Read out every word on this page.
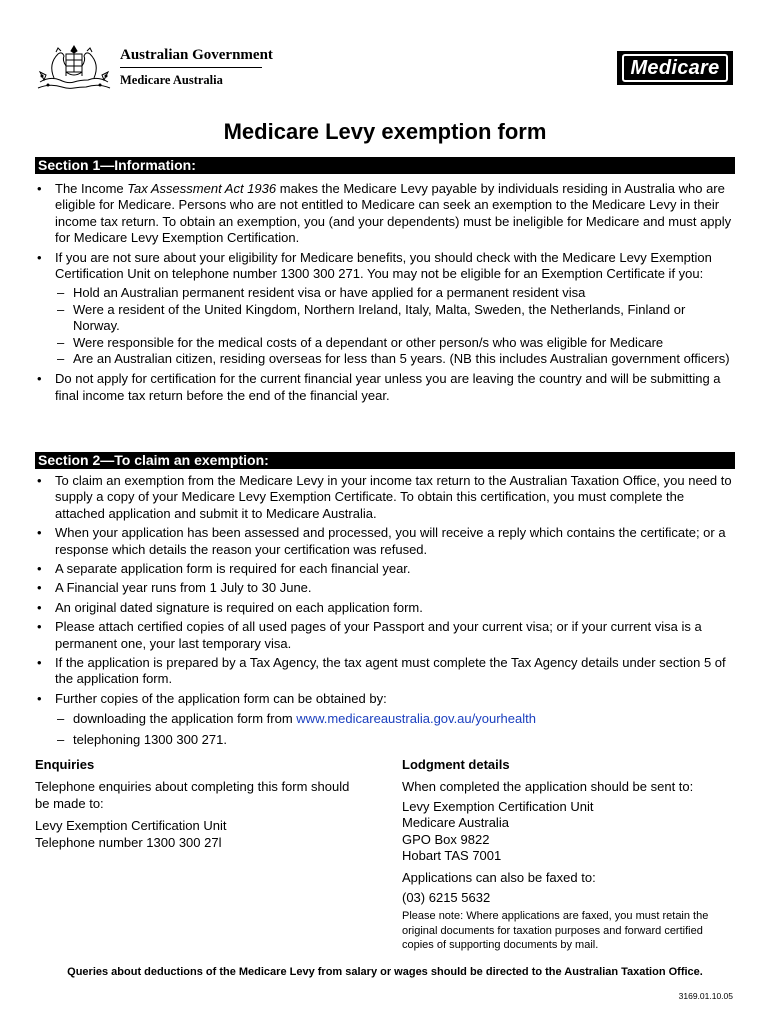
Australian Government
Medicare Australia
Medicare
Medicare Levy exemption form
Section 1—Information:

• The Income Tax Assessment Act 1936 makes the Medicare Levy payable by individuals residing in Australia who are eligible for Medicare. Persons who are not entitled to Medicare can seek an exemption to the Medicare Levy in their income tax return. To obtain an exemption, you (and your dependents) must be ineligible for Medicare and must apply for Medicare Levy Exemption Certification.

• If you are not sure about your eligibility for Medicare benefits, you should check with the Medicare Levy Exemption Certification Unit on telephone number 1300 300 271. You may not be eligible for an Exemption Certificate if you:

– Hold an Australian permanent resident visa or have applied for a permanent resident visa

– Were a resident of the United Kingdom, Northern Ireland, Italy, Malta, Sweden, the Netherlands, Finland or Norway.

– Were responsible for the medical costs of a dependant or other person/s who was eligible for Medicare

– Are an Australian citizen, residing overseas for less than 5 years. (NB this includes Australian government officers)

• Do not apply for certification for the current financial year unless you are leaving the country and will be submitting a final income tax return before the end of the financial year.

Section 2—To claim an exemption:

• To claim an exemption from the Medicare Levy in your income tax return to the Australian Taxation Office, you need to supply a copy of your Medicare Levy Exemption Certificate. To obtain this certification, you must complete the attached application and submit it to Medicare Australia.

• When your application has been assessed and processed, you will receive a reply which contains the certificate; or a response which details the reason your certification was refused.

• A separate application form is required for each financial year.

• A Financial year runs from 1 July to 30 June.

• An original dated signature is required on each application form.

• Please attach certified copies of all used pages of your Passport and your current visa; or if your current visa is a permanent one, your last temporary visa.

• If the application is prepared by a Tax Agency, the tax agent must complete the Tax Agency details under section 5 of the application form.

• Further copies of the application form can be obtained by:

– downloading the application form from www.medicareaustralia.gov.au/yourhealth

– telephoning 1300 300 271.

Enquiries
Telephone enquiries about completing this form should be made to:
Levy Exemption Certification Unit
Telephone number 1300 300 27l
Lodgment details
When completed the application should be sent to:
Levy Exemption Certification Unit
Medicare Australia
GPO Box 9822
Hobart TAS 7001
Applications can also be faxed to:
(03) 6215 5632
Please note: Where applications are faxed, you must retain the original documents for taxation purposes and forward certified copies of supporting documents by mail.
Queries about deductions of the Medicare Levy from salary or wages should be directed to the Australian Taxation Office.
3169.01.10.05
